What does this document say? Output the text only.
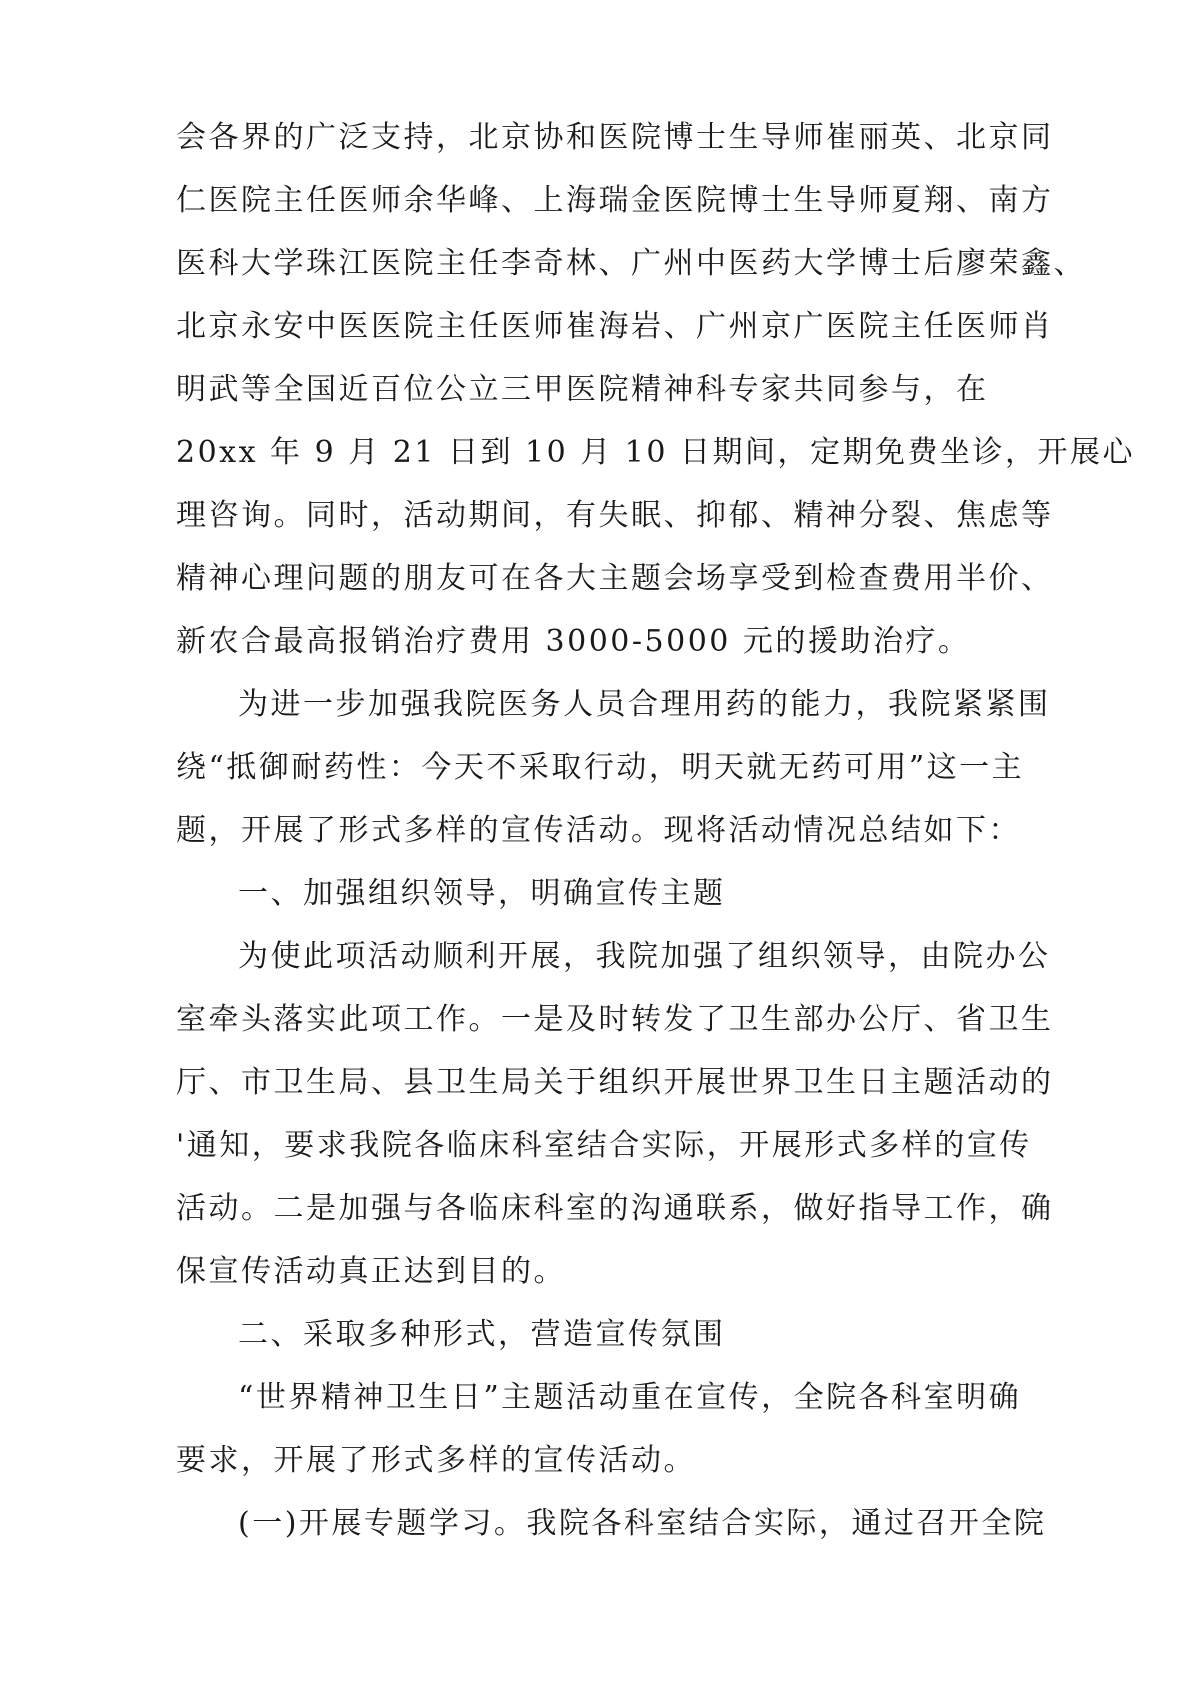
会各界的广泛支持，北京协和医院博士生导师崔丽英、北京同
仁医院主任医师余华峰、上海瑞金医院博士生导师夏翔、南方
医科大学珠江医院主任李奇林、广州中医药大学博士后廖荣鑫、
北京永安中医医院主任医师崔海岩、广州京广医院主任医师肖
明武等全国近百位公立三甲医院精神科专家共同参与，在
20xx 年 9 月 21 日到 10 月 10 日期间，定期免费坐诊，开展心
理咨询。同时，活动期间，有失眠、抑郁、精神分裂、焦虑等
精神心理问题的朋友可在各大主题会场享受到检查费用半价、
新农合最高报销治疗费用 3000-5000 元的援助治疗。
为进一步加强我院医务人员合理用药的能力，我院紧紧围
绕“抵御耐药性：今天不采取行动，明天就无药可用”这一主
题，开展了形式多样的宣传活动。现将活动情况总结如下：
一、加强组织领导，明确宣传主题
为使此项活动顺利开展，我院加强了组织领导，由院办公
室牵头落实此项工作。一是及时转发了卫生部办公厅、省卫生
厅、市卫生局、县卫生局关于组织开展世界卫生日主题活动的
'通知，要求我院各临床科室结合实际，开展形式多样的宣传
活动。二是加强与各临床科室的沟通联系，做好指导工作，确
保宣传活动真正达到目的。
二、采取多种形式，营造宣传氛围
“世界精神卫生日”主题活动重在宣传，全院各科室明确
要求，开展了形式多样的宣传活动。
(一)开展专题学习。我院各科室结合实际，通过召开全院
